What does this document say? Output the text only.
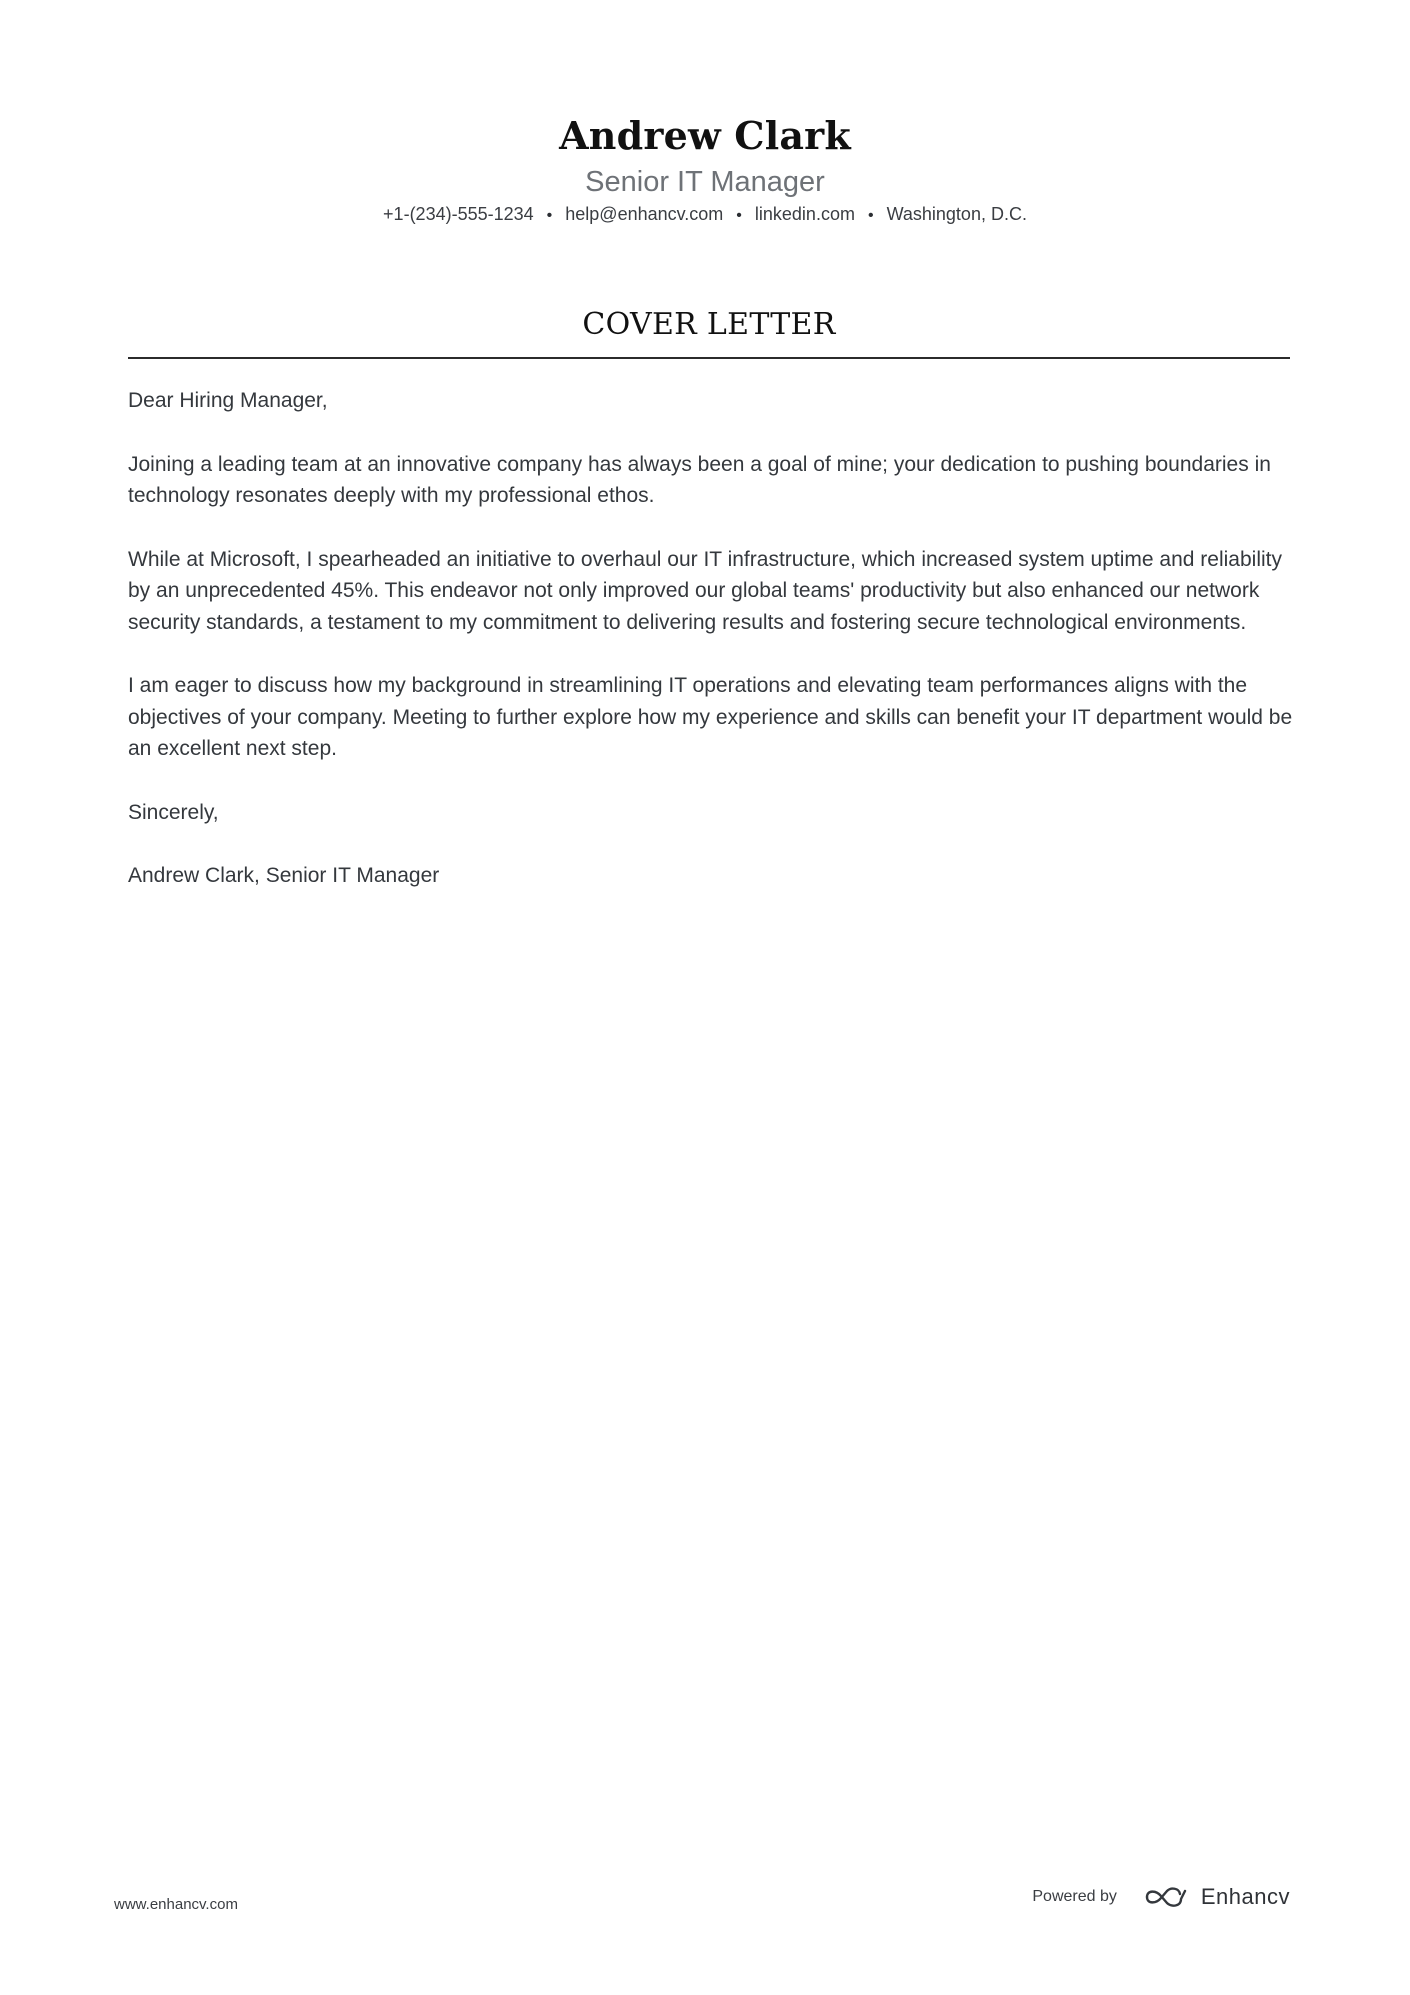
Andrew Clark
Senior IT Manager
+1-(234)-555-1234 • help@enhancv.com • linkedin.com • Washington, D.C.
COVER LETTER

Dear Hiring Manager,

Joining a leading team at an innovative company has always been a goal of mine; your dedication to pushing boundaries in technology resonates deeply with my professional ethos.

While at Microsoft, I spearheaded an initiative to overhaul our IT infrastructure, which increased system uptime and reliability by an unprecedented 45%. This endeavor not only improved our global teams' productivity but also enhanced our network security standards, a testament to my commitment to delivering results and fostering secure technological environments.

I am eager to discuss how my background in streamlining IT operations and elevating team performances aligns with the objectives of your company. Meeting to further explore how my experience and skills can benefit your IT department would be an excellent next step.

Sincerely,

Andrew Clark, Senior IT Manager

www.enhancv.com	Powered by	Enhancv
